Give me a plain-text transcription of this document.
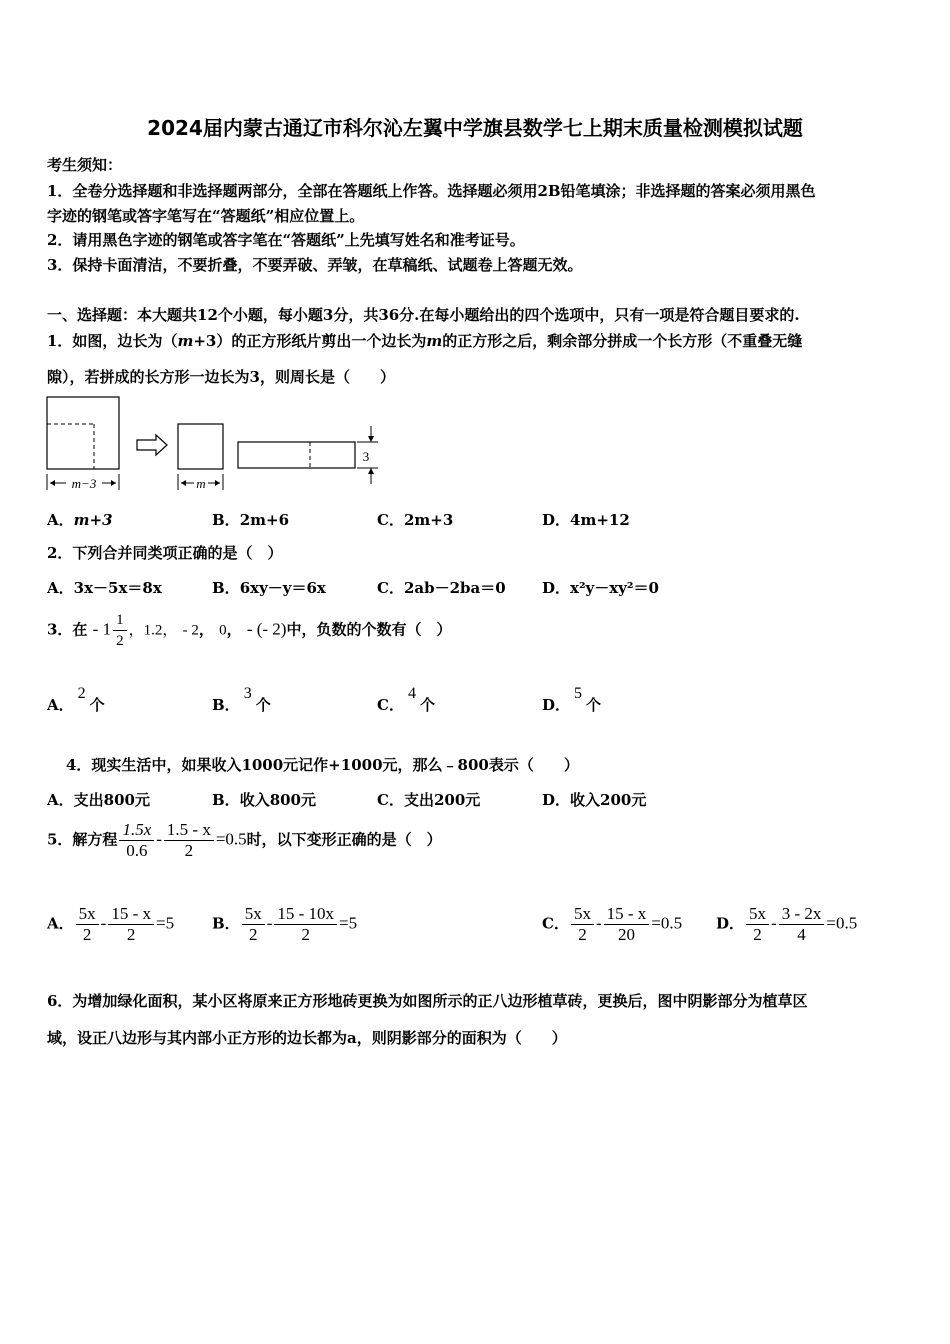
2024届内蒙古通辽市科尔沁左翼中学旗县数学七上期末质量检测模拟试题
考生须知：
1．全卷分选择题和非选择题两部分，全部在答题纸上作答。选择题必须用2B铅笔填涂；非选择题的答案必须用黑色
字迹的钢笔或答字笔写在“答题纸”相应位置上。
2．请用黑色字迹的钢笔或答字笔在“答题纸”上先填写姓名和准考证号。
3．保持卡面清洁，不要折叠，不要弄破、弄皱，在草稿纸、试题卷上答题无效。
一、选择题：本大题共12个小题，每小题3分，共36分.在每小题给出的四个选项中，只有一项是符合题目要求的.
1．如图，边长为（m+3）的正方形纸片剪出一个边长为m的正方形之后，剩余部分拼成一个长方形（不重叠无缝
隙），若拼成的长方形一边长为3，则周长是（　　）
m−3	m
3
A．m+3	B．2m+6	C．2m+3	D．4m+12
2．下列合并同类项正确的是（　）
A．3x－5x＝8x	B．6xy－y＝6x	C．2ab－2ba＝0 D．x²y－xy²＝0
3．在 - $1 \frac{1}{2}$ ，1.2， - 2， 0， - (- 2)中，负数的个数有（　）
A．2个	B．3个	C．4个	D．5个
4．现实生活中，如果收入1000元记作+1000元，那么﹣800表示（　　）
A．支出800元	B．收入800元	C．支出200元	D．收入200元
5．解方程 $\frac{1.5x}{0.6} - \frac{1.5 - x}{2} =0.5$时，以下变形正确的是（　）
A． $\frac{5x}{2} - \frac{15 - x}{2} =5$	B． $\frac{5x}{2} - \frac{15 - 10x}{2} =5$	C． $\frac{5x}{2} - \frac{15 - x}{20} =0.5$ D． $\frac{5x}{2} - \frac{3 - 2x}{4} =0.5$
6．为增加绿化面积，某小区将原来正方形地砖更换为如图所示的正八边形植草砖，更换后，图中阴影部分为植草区
域，设正八边形与其内部小正方形的边长都为a，则阴影部分的面积为（　　）
